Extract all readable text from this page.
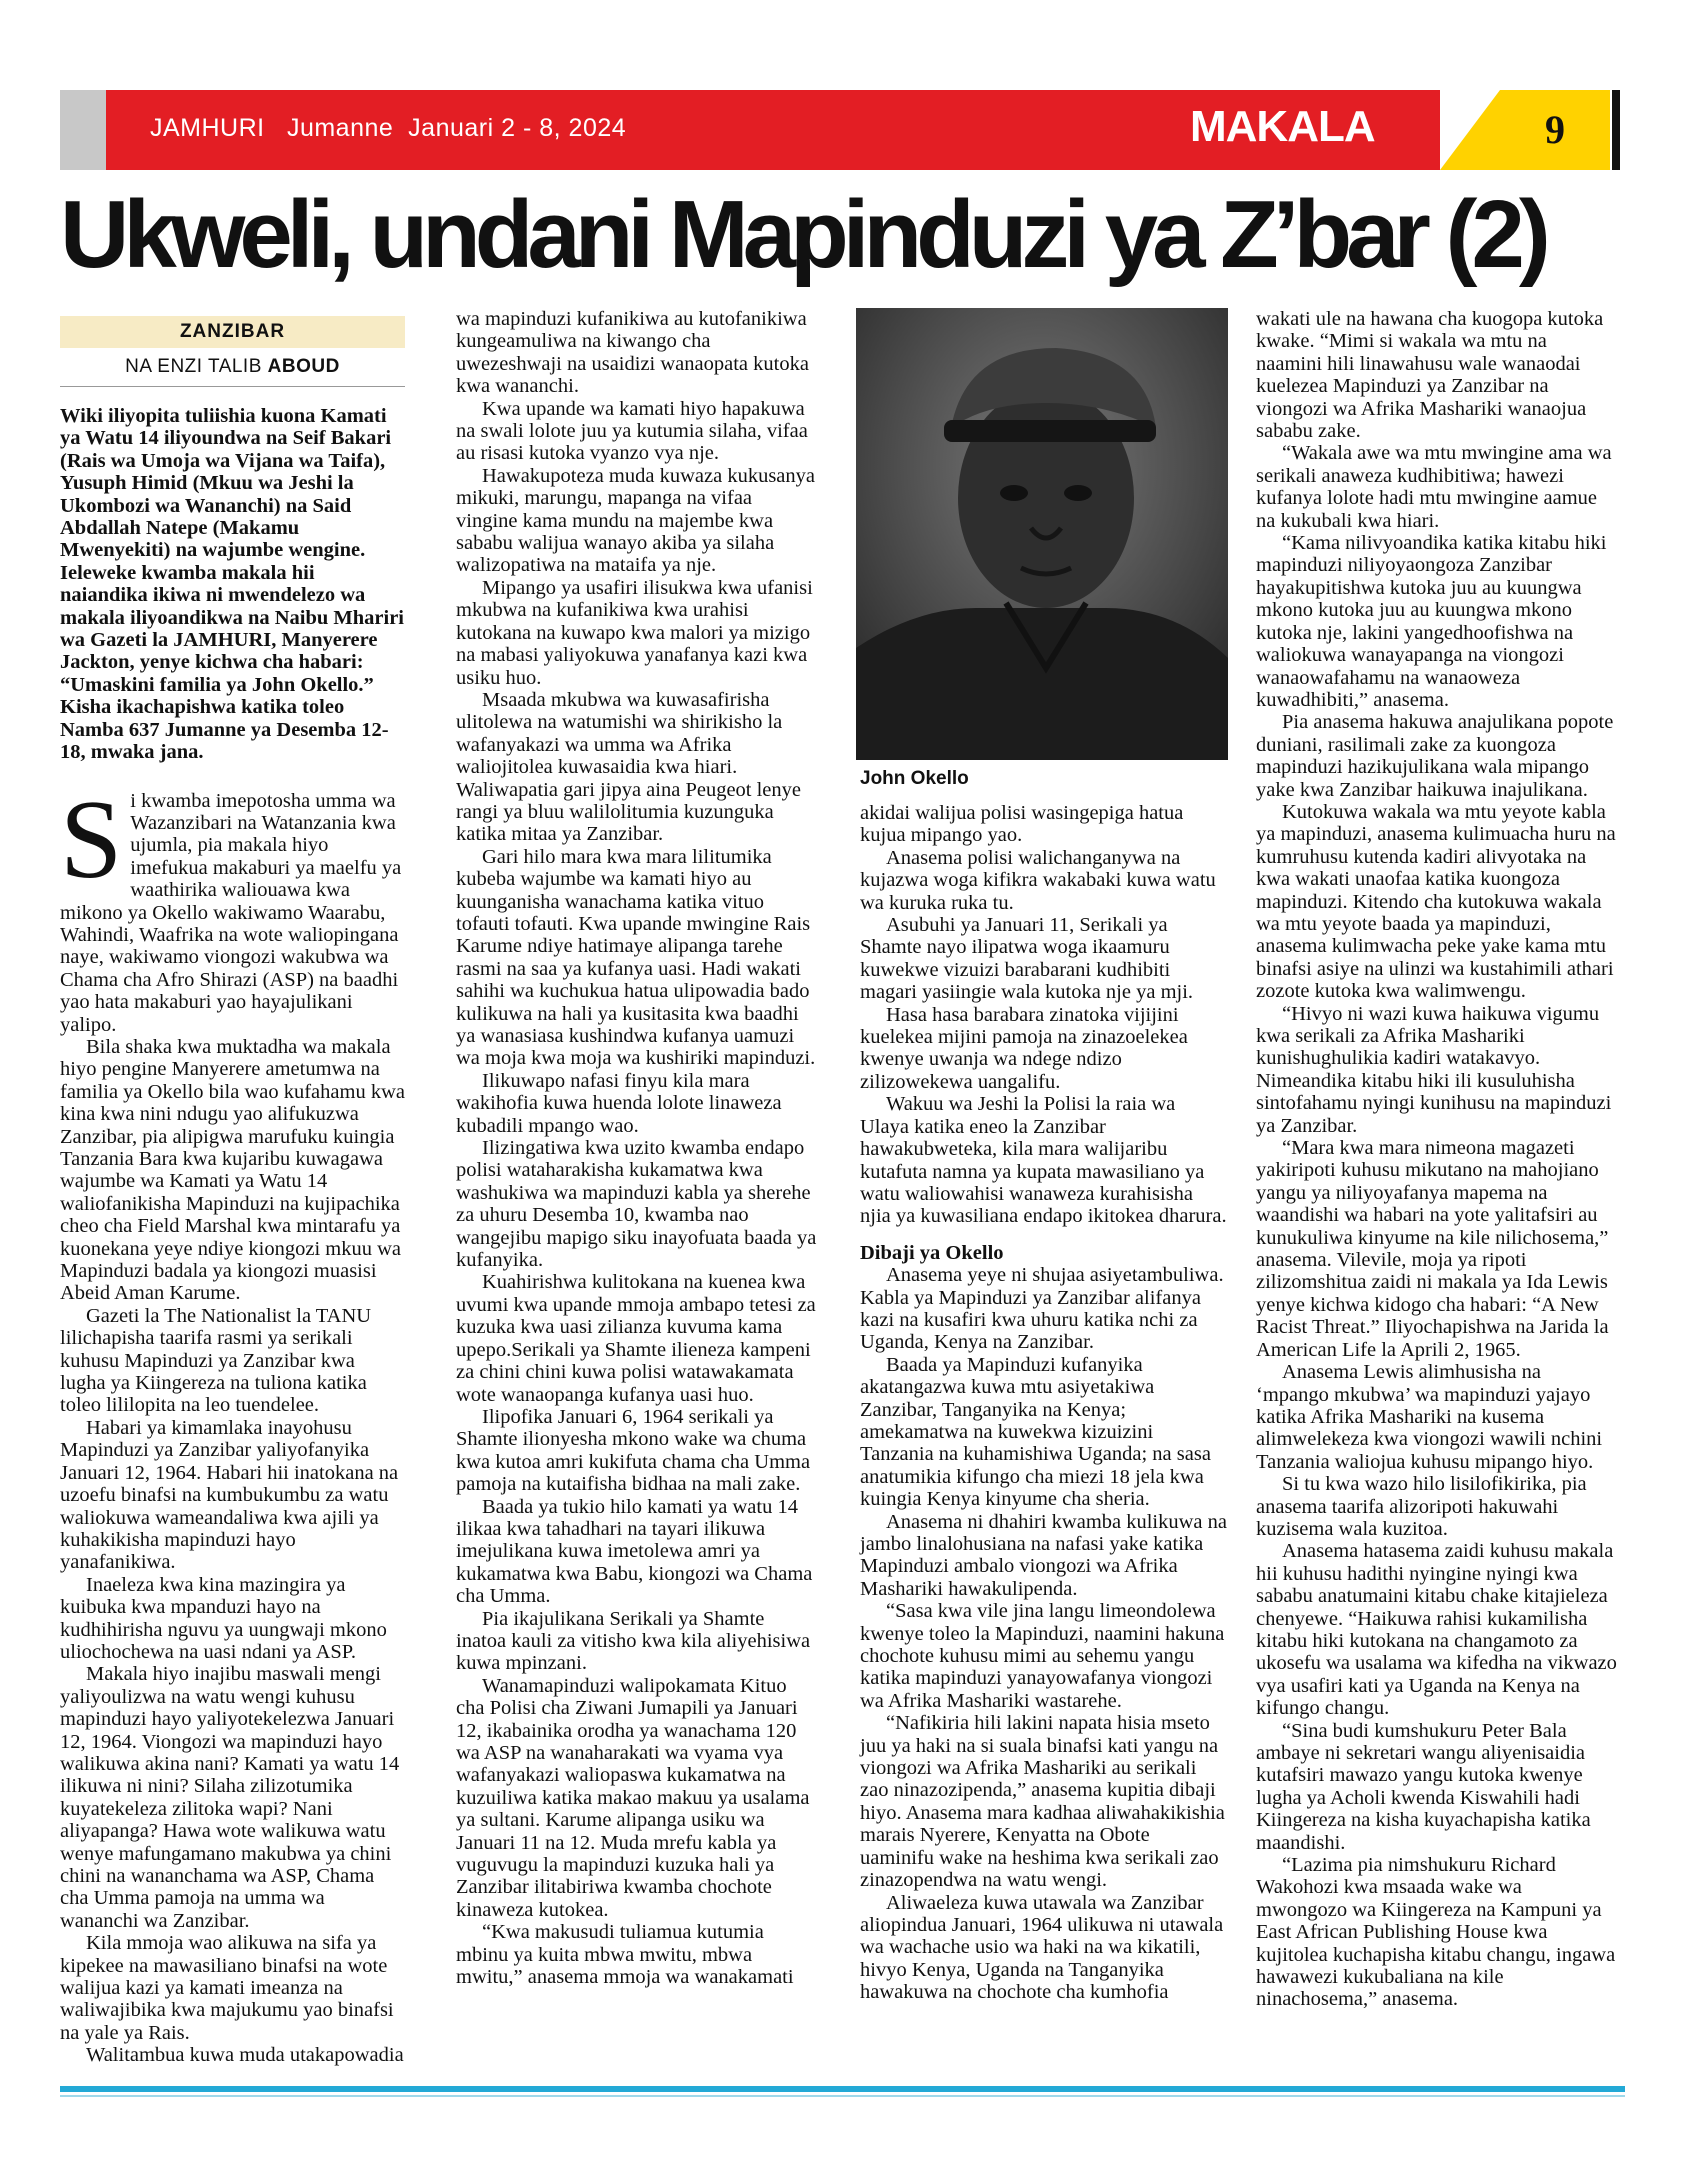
JAMHURI   Jumanne  Januari 2 - 8, 2024	MAKALA	9
Ukweli, undani Mapinduzi ya Z’bar (2)
ZANZIBAR
NA ENZI TALIB ABOUD

Wiki iliyopita tuliishia kuona Kamati ya Watu 14 iliyoundwa na Seif Bakari (Rais wa Umoja wa Vijana wa Taifa), Yusuph Himid (Mkuu wa Jeshi la Ukombozi wa Wananchi) na Said Abdallah Natepe (Makamu Mwenyekiti) na wajumbe wengine. Ieleweke kwamba makala hii naiandika ikiwa ni mwendelezo wa makala iliyoandikwa na Naibu Mhariri wa Gazeti la JAMHURI, Manyerere Jackton, yenye kichwa cha habari: “Umaskini familia ya John Okello.” Kisha ikachapishwa katika toleo Namba 637 Jumanne ya Desemba 12-18, mwaka jana.

Si kwamba imepotosha umma wa Wazanzibari na Watanzania kwa ujumla, pia makala hiyo imefukua makaburi ya maelfu ya waathirika waliouawa kwa mikono ya Okello wakiwamo Waarabu, Wahindi, Waafrika na wote waliopingana naye, wakiwamo viongozi wakubwa wa Chama cha Afro Shirazi (ASP) na baadhi yao hata makaburi yao hayajulikani yalipo.

Bila shaka kwa muktadha wa makala hiyo pengine Manyerere ametumwa na familia ya Okello bila wao kufahamu kwa kina kwa nini ndugu yao alifukuzwa Zanzibar, pia alipigwa marufuku kuingia Tanzania Bara kwa kujaribu kuwagawa wajumbe wa Kamati ya Watu 14 waliofanikisha Mapinduzi na kujipachika cheo cha Field Marshal kwa mintarafu ya kuonekana yeye ndiye kiongozi mkuu wa Mapinduzi badala ya kiongozi muasisi Abeid Aman Karume.

Gazeti la The Nationalist la TANU lilichapisha taarifa rasmi ya serikali kuhusu Mapinduzi ya Zanzibar kwa lugha ya Kiingereza na tuliona katika toleo lililopita na leo tuendelee.

Habari ya kimamlaka inayohusu Mapinduzi ya Zanzibar yaliyofanyika Januari 12, 1964. Habari hii inatokana na uzoefu binafsi na kumbukumbu za watu waliokuwa wameandaliwa kwa ajili ya kuhakikisha mapinduzi hayo yanafanikiwa.

Inaeleza kwa kina mazingira ya kuibuka kwa mpanduzi hayo na kudhihirisha nguvu ya uungwaji mkono uliochochewa na uasi ndani ya ASP.

Makala hiyo inajibu maswali mengi yaliyoulizwa na watu wengi kuhusu mapinduzi hayo yaliyotekelezwa Januari 12, 1964. Viongozi wa mapinduzi hayo walikuwa akina nani? Kamati ya watu 14 ilikuwa ni nini? Silaha zilizotumika kuyatekeleza zilitoka wapi? Nani aliyapanga? Hawa wote walikuwa watu wenye mafungamano makubwa ya chini chini na wananchama wa ASP, Chama cha Umma pamoja na umma wa wananchi wa Zanzibar.

Kila mmoja wao alikuwa na sifa ya kipekee na mawasiliano binafsi na wote walijua kazi ya kamati imeanza na waliwajibika kwa majukumu yao binafsi na yale ya Rais.

Walitambua kuwa muda utakapowadia

wa mapinduzi kufanikiwa au kutofanikiwa kungeamuliwa na kiwango cha uwezeshwaji na usaidizi wanaopata kutoka kwa wananchi.

Kwa upande wa kamati hiyo hapakuwa na swali lolote juu ya kutumia silaha, vifaa au risasi kutoka vyanzo vya nje.

Hawakupoteza muda kuwaza kukusanya mikuki, marungu, mapanga na vifaa vingine kama mundu na majembe kwa sababu walijua wanayo akiba ya silaha walizopatiwa na mataifa ya nje.

Mipango ya usafiri ilisukwa kwa ufanisi mkubwa na kufanikiwa kwa urahisi kutokana na kuwapo kwa malori ya mizigo na mabasi yaliyokuwa yanafanya kazi kwa usiku huo.

Msaada mkubwa wa kuwasafirisha ulitolewa na watumishi wa shirikisho la wafanyakazi wa umma wa Afrika waliojitolea kuwasaidia kwa hiari. Waliwapatia gari jipya aina Peugeot lenye rangi ya bluu walilolitumia kuzunguka katika mitaa ya Zanzibar.

Gari hilo mara kwa mara lilitumika kubeba wajumbe wa kamati hiyo au kuunganisha wanachama katika vituo tofauti tofauti. Kwa upande mwingine Rais Karume ndiye hatimaye alipanga tarehe rasmi na saa ya kufanya uasi. Hadi wakati sahihi wa kuchukua hatua ulipowadia bado kulikuwa na hali ya kusitasita kwa baadhi ya wanasiasa kushindwa kufanya uamuzi wa moja kwa moja wa kushiriki mapinduzi.

Ilikuwapo nafasi finyu kila mara wakihofia kuwa huenda lolote linaweza kubadili mpango wao.

Ilizingatiwa kwa uzito kwamba endapo polisi wataharakisha kukamatwa kwa washukiwa wa mapinduzi kabla ya sherehe za uhuru Desemba 10, kwamba nao wangejibu mapigo siku inayofuata baada ya kufanyika.

Kuahirishwa kulitokana na kuenea kwa uvumi kwa upande mmoja ambapo tetesi za kuzuka kwa uasi zilianza kuvuma kama upepo.Serikali ya Shamte ilieneza kampeni za chini chini kuwa polisi watawakamata wote wanaopanga kufanya uasi huo.

Ilipofika Januari 6, 1964 serikali ya Shamte ilionyesha mkono wake wa chuma kwa kutoa amri kukifuta chama cha Umma pamoja na kutaifisha bidhaa na mali zake.

Baada ya tukio hilo kamati ya watu 14 ilikaa kwa tahadhari na tayari ilikuwa imejulikana kuwa imetolewa amri ya kukamatwa kwa Babu, kiongozi wa Chama cha Umma.

Pia ikajulikana Serikali ya Shamte inatoa kauli za vitisho kwa kila aliyehisiwa kuwa mpinzani.

Wanamapinduzi walipokamata Kituo cha Polisi cha Ziwani Jumapili ya Januari 12, ikabainika orodha ya wanachama 120 wa ASP na wanaharakati wa vyama vya wafanyakazi waliopaswa kukamatwa na kuzuiliwa katika makao makuu ya usalama ya sultani. Karume alipanga usiku wa Januari 11 na 12. Muda mrefu kabla ya vuguvugu la mapinduzi kuzuka hali ya Zanzibar ilitabiriwa kwamba chochote kinaweza kutokea.

“Kwa makusudi tuliamua kutumia mbinu ya kuita mbwa mwitu, mbwa mwitu,” anasema mmoja wa wanakamati

John Okello

akidai walijua polisi wasingepiga hatua kujua mipango yao.

Anasema polisi walichanganywa na kujazwa woga kifikra wakabaki kuwa watu wa kuruka ruka tu.

Asubuhi ya Januari 11, Serikali ya Shamte nayo ilipatwa woga ikaamuru kuwekwe vizuizi barabarani kudhibiti magari yasiingie wala kutoka nje ya mji.

Hasa hasa barabara zinatoka vijijini kuelekea mijini pamoja na zinazoelekea kwenye uwanja wa ndege ndizo zilizowekewa uangalifu.

Wakuu wa Jeshi la Polisi la raia wa Ulaya katika eneo la Zanzibar hawakubweteka, kila mara walijaribu kutafuta namna ya kupata mawasiliano ya watu waliowahisi wanaweza kurahisisha njia ya kuwasiliana endapo ikitokea dharura.

Dibaji ya Okello

Anasema yeye ni shujaa asiyetambuliwa. Kabla ya Mapinduzi ya Zanzibar alifanya kazi na kusafiri kwa uhuru katika nchi za Uganda, Kenya na Zanzibar.

Baada ya Mapinduzi kufanyika akatangazwa kuwa mtu asiyetakiwa Zanzibar, Tanganyika na Kenya; amekamatwa na kuwekwa kizuizini Tanzania na kuhamishiwa Uganda; na sasa anatumikia kifungo cha miezi 18 jela kwa kuingia Kenya kinyume cha sheria.

Anasema ni dhahiri kwamba kulikuwa na jambo linalohusiana na nafasi yake katika Mapinduzi ambalo viongozi wa Afrika Mashariki hawakulipenda.

“Sasa kwa vile jina langu limeondolewa kwenye toleo la Mapinduzi, naamini hakuna chochote kuhusu mimi au sehemu yangu katika mapinduzi yanayowafanya viongozi wa Afrika Mashariki wastarehe.

“Nafikiria hili lakini napata hisia mseto juu ya haki na si suala binafsi kati yangu na viongozi wa Afrika Mashariki au serikali zao ninazozipenda,” anasema kupitia dibaji hiyo. Anasema mara kadhaa aliwahakikishia marais Nyerere, Kenyatta na Obote uaminifu wake na heshima kwa serikali zao zinazopendwa na watu wengi.

Aliwaeleza kuwa utawala wa Zanzibar aliopindua Januari, 1964 ulikuwa ni utawala wa wachache usio wa haki na wa kikatili, hivyo Kenya, Uganda na Tanganyika hawakuwa na chochote cha kumhofia

wakati ule na hawana cha kuogopa kutoka kwake. “Mimi si wakala wa mtu na naamini hili linawahusu wale wanaodai kuelezea Mapinduzi ya Zanzibar na viongozi wa Afrika Mashariki wanaojua sababu zake.

“Wakala awe wa mtu mwingine ama wa serikali anaweza kudhibitiwa; hawezi kufanya lolote hadi mtu mwingine aamue na kukubali kwa hiari.

“Kama nilivyoandika katika kitabu hiki mapinduzi niliyoyaongoza Zanzibar hayakupitishwa kutoka juu au kuungwa mkono kutoka juu au kuungwa mkono kutoka nje, lakini yangedhoofishwa na waliokuwa wanayapanga na viongozi wanaowafahamu na wanaoweza kuwadhibiti,” anasema.

Pia anasema hakuwa anajulikana popote duniani, rasilimali zake za kuongoza mapinduzi hazikujulikana wala mipango yake kwa Zanzibar haikuwa inajulikana.

Kutokuwa wakala wa mtu yeyote kabla ya mapinduzi, anasema kulimuacha huru na kumruhusu kutenda kadiri alivyotaka na kwa wakati unaofaa katika kuongoza mapinduzi. Kitendo cha kutokuwa wakala wa mtu yeyote baada ya mapinduzi, anasema kulimwacha peke yake kama mtu binafsi asiye na ulinzi wa kustahimili athari zozote kutoka kwa walimwengu.

“Hivyo ni wazi kuwa haikuwa vigumu kwa serikali za Afrika Mashariki kunishughulikia kadiri watakavyo. Nimeandika kitabu hiki ili kusuluhisha sintofahamu nyingi kunihusu na mapinduzi ya Zanzibar.

“Mara kwa mara nimeona magazeti yakiripoti kuhusu mikutano na mahojiano yangu ya niliyoyafanya mapema na waandishi wa habari na yote yalitafsiri au kunukuliwa kinyume na kile nilichosema,” anasema. Vilevile, moja ya ripoti zilizomshitua zaidi ni makala ya Ida Lewis yenye kichwa kidogo cha habari: “A New Racist Threat.” Iliyochapishwa na Jarida la American Life la Aprili 2, 1965.

Anasema Lewis alimhusisha na ‘mpango mkubwa’ wa mapinduzi yajayo katika Afrika Mashariki na kusema alimwelekeza kwa viongozi wawili nchini Tanzania waliojua kuhusu mipango hiyo.

Si tu kwa wazo hilo lisilofikirika, pia anasema taarifa alizoripoti hakuwahi kuzisema wala kuzitoa.

Anasema hatasema zaidi kuhusu makala hii kuhusu hadithi nyingine nyingi kwa sababu anatumaini kitabu chake kitajieleza chenyewe. “Haikuwa rahisi kukamilisha kitabu hiki kutokana na changamoto za ukosefu wa usalama wa kifedha na vikwazo vya usafiri kati ya Uganda na Kenya na kifungo changu.

“Sina budi kumshukuru Peter Bala ambaye ni sekretari wangu aliyenisaidia kutafsiri mawazo yangu kutoka kwenye lugha ya Acholi kwenda Kiswahili hadi Kiingereza na kisha kuyachapisha katika maandishi.

“Lazima pia nimshukuru Richard Wakohozi kwa msaada wake wa mwongozo wa Kiingereza na Kampuni ya East African Publishing House kwa kujitolea kuchapisha kitabu changu, ingawa hawawezi kukubaliana na kile ninachosema,” anasema.
